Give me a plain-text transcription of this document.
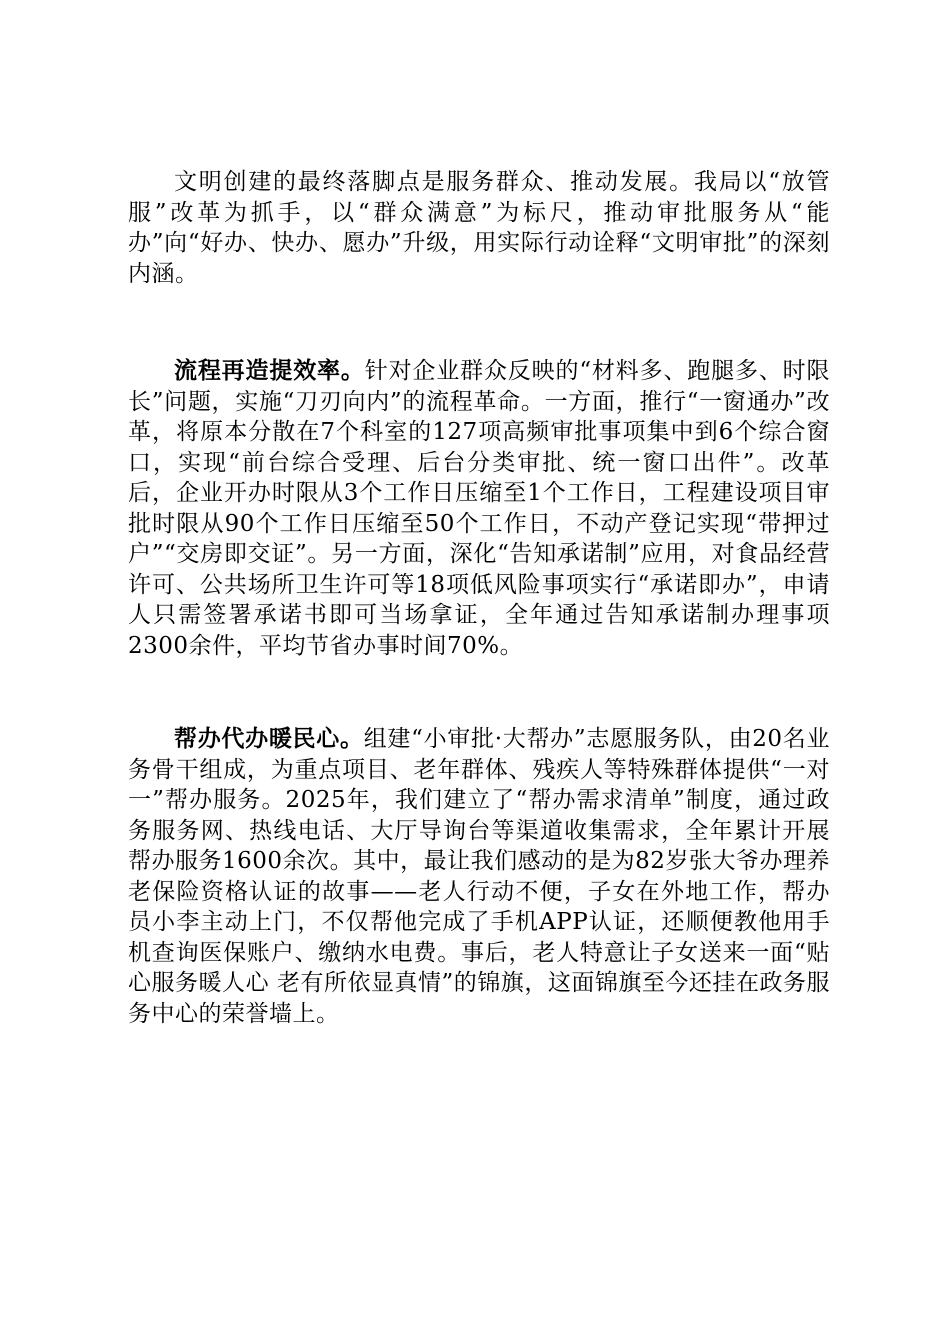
文明创建的最终落脚点是服务群众、推动发展。我局以“放管服”改革为抓手，以“群众满意”为标尺，推动审批服务从“能办”向“好办、快办、愿办”升级，用实际行动诠释“文明审批”的深刻内涵。

流程再造提效率。针对企业群众反映的“材料多、跑腿多、时限长”问题，实施“刀刃向内”的流程革命。一方面，推行“一窗通办”改革，将原本分散在7个科室的127项高频审批事项集中到6个综合窗口，实现“前台综合受理、后台分类审批、统一窗口出件”。改革后，企业开办时限从3个工作日压缩至1个工作日，工程建设项目审批时限从90个工作日压缩至50个工作日，不动产登记实现“带押过户”“交房即交证”。另一方面，深化“告知承诺制”应用，对食品经营许可、公共场所卫生许可等18项低风险事项实行“承诺即办”，申请人只需签署承诺书即可当场拿证，全年通过告知承诺制办理事项2300余件，平均节省办事时间70%。

帮办代办暖民心。组建“小审批·大帮办”志愿服务队，由20名业务骨干组成，为重点项目、老年群体、残疾人等特殊群体提供“一对一”帮办服务。2025年，我们建立了“帮办需求清单”制度，通过政务服务网、热线电话、大厅导询台等渠道收集需求，全年累计开展帮办服务1600余次。其中，最让我们感动的是为82岁张大爷办理养老保险资格认证的故事——老人行动不便，子女在外地工作，帮办员小李主动上门，不仅帮他完成了手机APP认证，还顺便教他用手机查询医保账户、缴纳水电费。事后，老人特意让子女送来一面“贴心服务暖人心 老有所依显真情”的锦旗，这面锦旗至今还挂在政务服务中心的荣誉墙上。
